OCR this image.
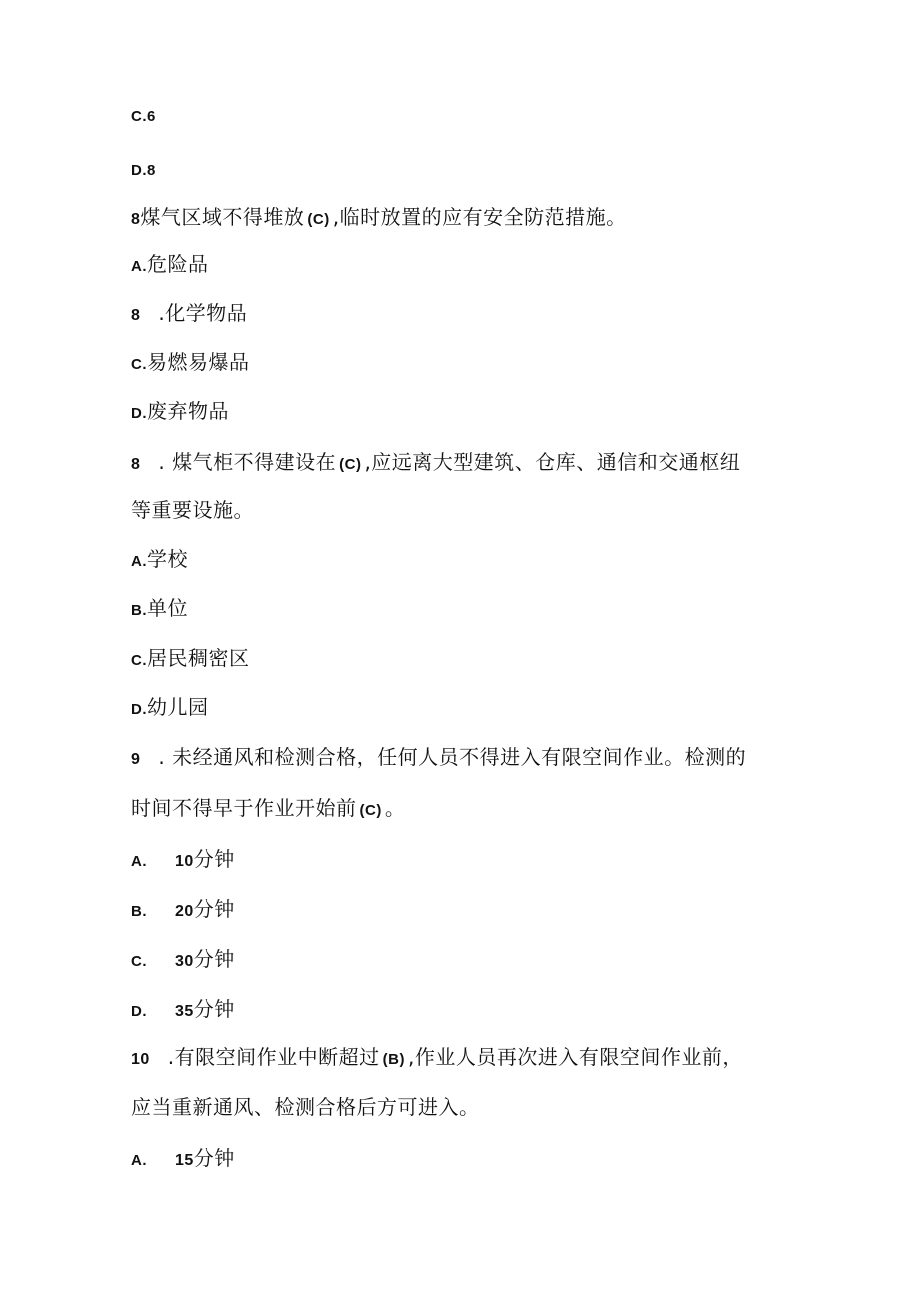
C.6
D.8
8煤气区域不得堆放 (C) ,临时放置的应有安全防范措施。
A.危险品
8 .化学物品
C.易燃易爆品
D.废弃物品
8 . 煤气柜不得建设在 (C) ,应远离大型建筑、仓库、通信和交通枢纽
等重要设施。
A.学校
B.单位
C.居民稠密区
D.幼儿园
9 . 未经通风和检测合格，任何人员不得进入有限空间作业。检测的
时间不得早于作业开始前 (C) 。
A. 10分钟
B. 20分钟
C. 30分钟
D. 35分钟
10 .有限空间作业中断超过 (B) ,作业人员再次进入有限空间作业前，
应当重新通风、检测合格后方可进入。
A. 15分钟
